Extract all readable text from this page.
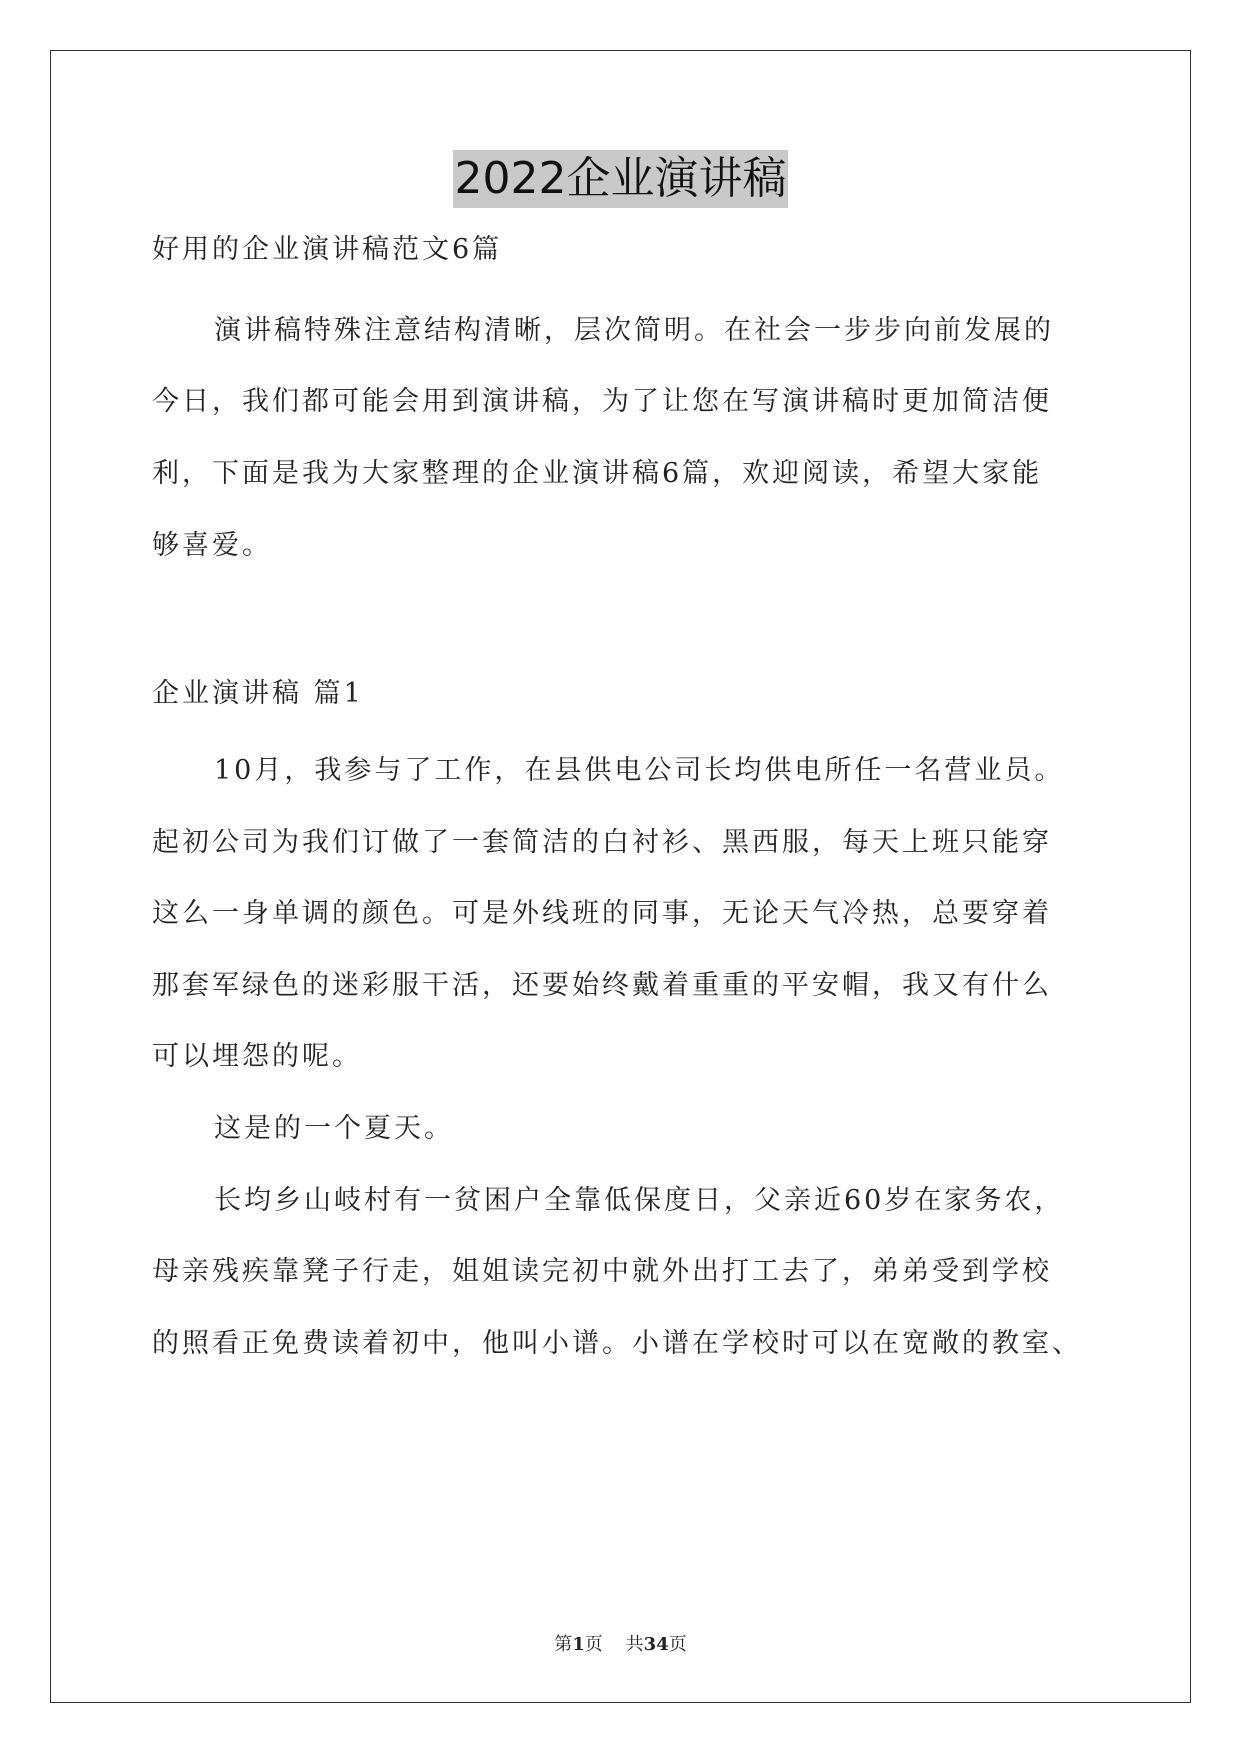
2022企业演讲稿
好用的企业演讲稿范文6篇
演讲稿特殊注意结构清晰，层次简明。在社会一步步向前发展的
今日，我们都可能会用到演讲稿，为了让您在写演讲稿时更加简洁便
利，下面是我为大家整理的企业演讲稿6篇，欢迎阅读，希望大家能
够喜爱。
企业演讲稿 篇1
10月，我参与了工作，在县供电公司长均供电所任一名营业员。
起初公司为我们订做了一套简洁的白衬衫、黑西服，每天上班只能穿
这么一身单调的颜色。可是外线班的同事，无论天气冷热，总要穿着
那套军绿色的迷彩服干活，还要始终戴着重重的平安帽，我又有什么
可以埋怨的呢。
这是的一个夏天。
长均乡山岐村有一贫困户全靠低保度日，父亲近60岁在家务农，
母亲残疾靠凳子行走，姐姐读完初中就外出打工去了，弟弟受到学校
的照看正免费读着初中，他叫小谱。小谱在学校时可以在宽敞的教室、
第1页 共34页
